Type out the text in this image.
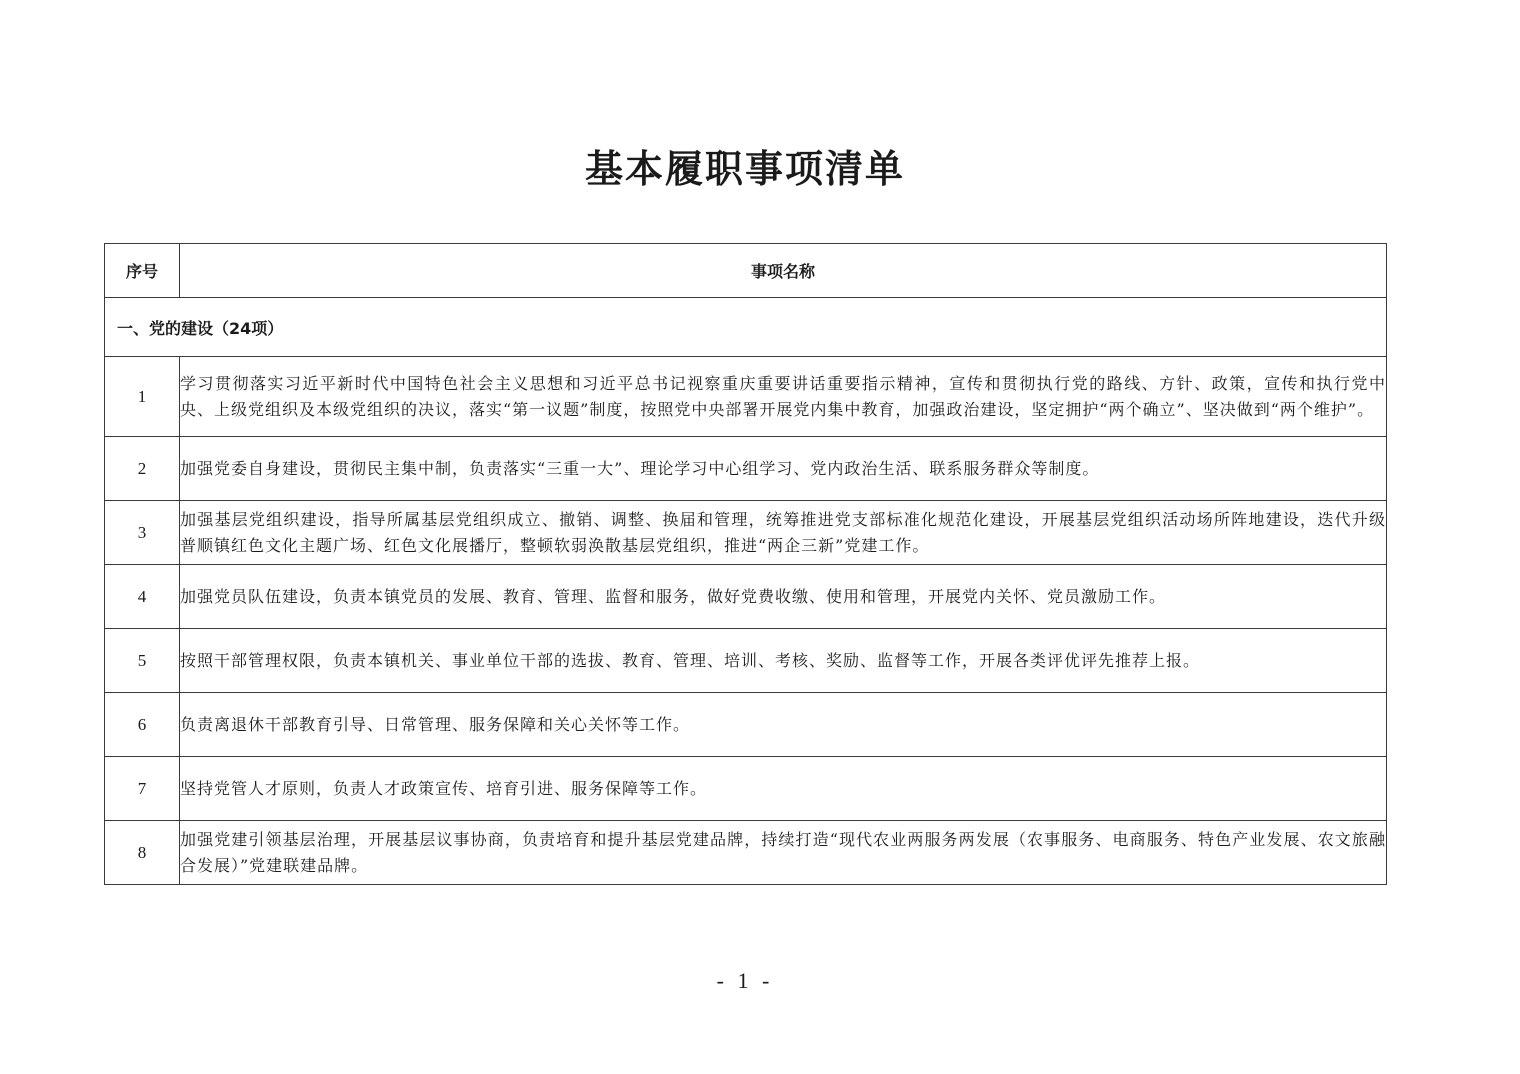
基本履职事项清单
序号	事项名称
一、党的建设（24项）	
1	学习贯彻落实习近平新时代中国特色社会主义思想和习近平总书记视察重庆重要讲话重要指示精神，宣传和贯彻执行党的路线、方针、政策，宣传和执行党中央、上级党组织及本级党组织的决议，落实“第一议题”制度，按照党中央部署开展党内集中教育，加强政治建设，坚定拥护“两个确立”、坚决做到“两个维护”。
2	加强党委自身建设，贯彻民主集中制，负责落实“三重一大”、理论学习中心组学习、党内政治生活、联系服务群众等制度。
3	加强基层党组织建设，指导所属基层党组织成立、撤销、调整、换届和管理，统筹推进党支部标准化规范化建设，开展基层党组织活动场所阵地建设，迭代升级普顺镇红色文化主题广场、红色文化展播厅，整顿软弱涣散基层党组织，推进“两企三新”党建工作。
4	加强党员队伍建设，负责本镇党员的发展、教育、管理、监督和服务，做好党费收缴、使用和管理，开展党内关怀、党员激励工作。
5	按照干部管理权限，负责本镇机关、事业单位干部的选拔、教育、管理、培训、考核、奖励、监督等工作，开展各类评优评先推荐上报。
6	负责离退休干部教育引导、日常管理、服务保障和关心关怀等工作。
7	坚持党管人才原则，负责人才政策宣传、培育引进、服务保障等工作。
8	加强党建引领基层治理，开展基层议事协商，负责培育和提升基层党建品牌，持续打造“现代农业两服务两发展（农事服务、电商服务、特色产业发展、农文旅融合发展）”党建联建品牌。
- 1 -
